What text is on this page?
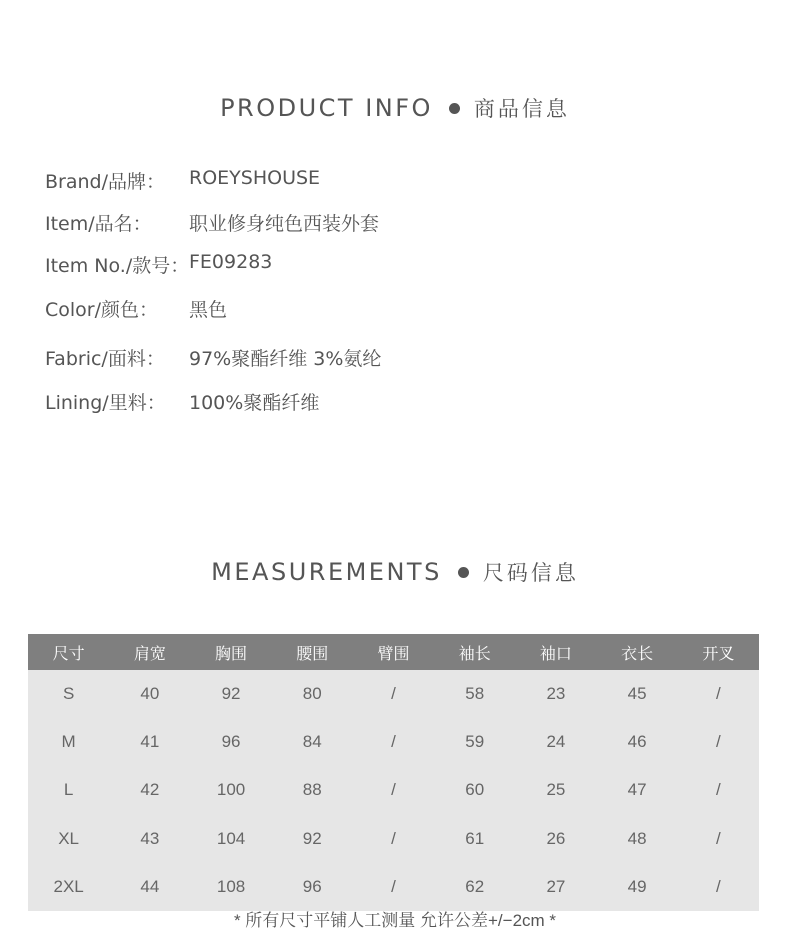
PRODUCT INFO 商品信息
Brand/品牌： ROEYSHOUSE
Item/品名： 职业修身纯色西装外套
Item No./款号： FE09283
Color/颜色： 黑色
Fabric/面料： 97%聚酯纤维 3%氨纶
Lining/里料： 100%聚酯纤维
MEASUREMENTS 尺码信息
尺寸	肩宽	胸围	腰围	臂围	袖长	袖口	衣长	开叉
S	40	92	80	/	58	23	45	/
M	41	96	84	/	59	24	46	/
L	42	100	88	/	60	25	47	/
XL	43	104	92	/	61	26	48	/
2XL	44	108	96	/	62	27	49	/
* 所有尺寸平铺人工测量 允许公差+/−2cm *
